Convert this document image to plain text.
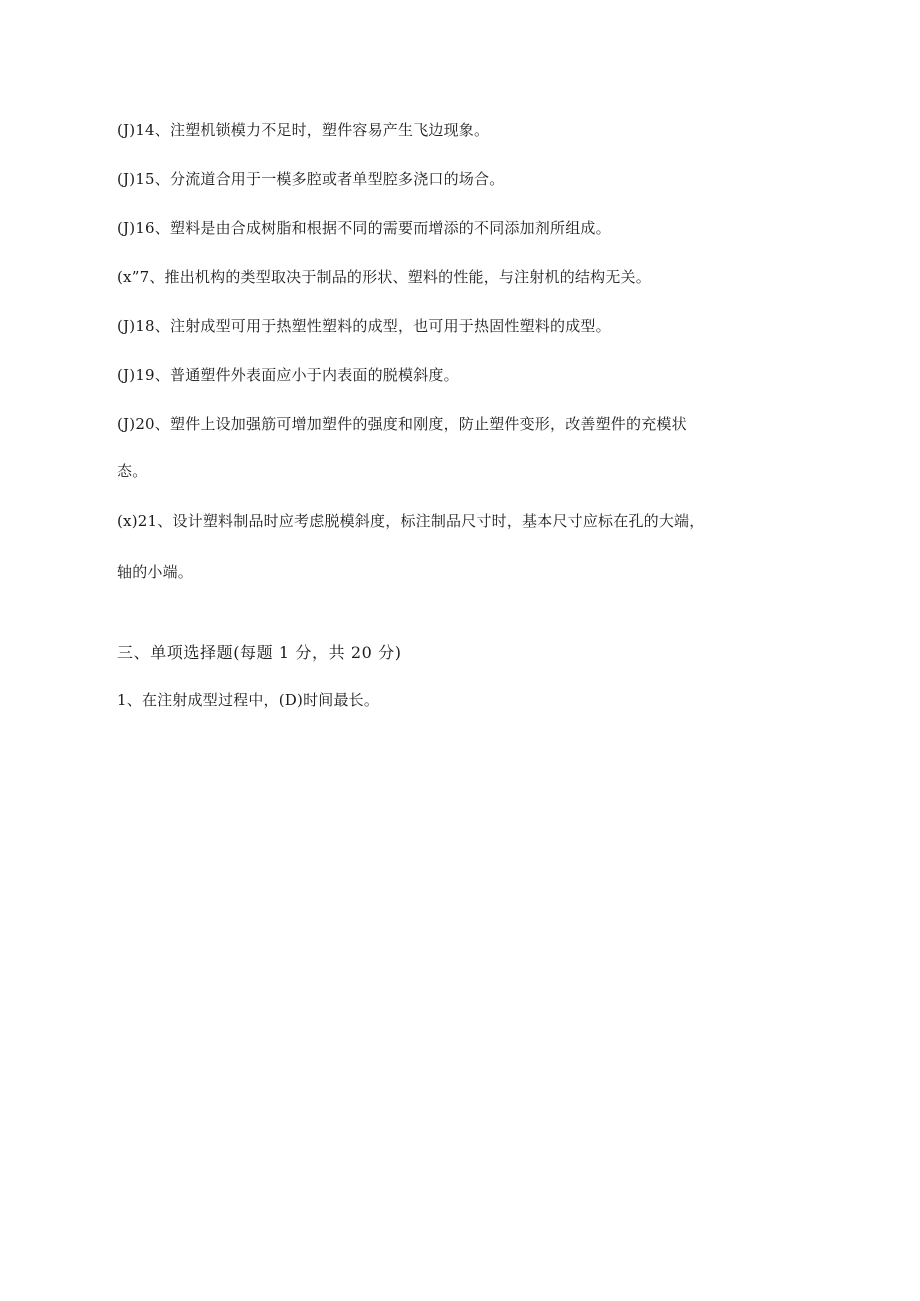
(J)14、注塑机锁模力不足时，塑件容易产生飞边现象。
(J)15、分流道合用于一模多腔或者单型腔多浇口的场合。
(J)16、塑料是由合成树脂和根据不同的需要而增添的不同添加剂所组成。
(x”7、推出机构的类型取决于制品的形状、塑料的性能，与注射机的结构无关。
(J)18、注射成型可用于热塑性塑料的成型，也可用于热固性塑料的成型。
(J)19、普通塑件外表面应小于内表面的脱模斜度。
(J)20、塑件上设加强筋可增加塑件的强度和刚度，防止塑件变形，改善塑件的充模状
态。
(x)21、设计塑料制品时应考虑脱模斜度，标注制品尺寸时，基本尺寸应标在孔的大端，
轴的小端。
三、单项选择题(每题 1 分，共 20 分)
1、在注射成型过程中，(D)时间最长。
